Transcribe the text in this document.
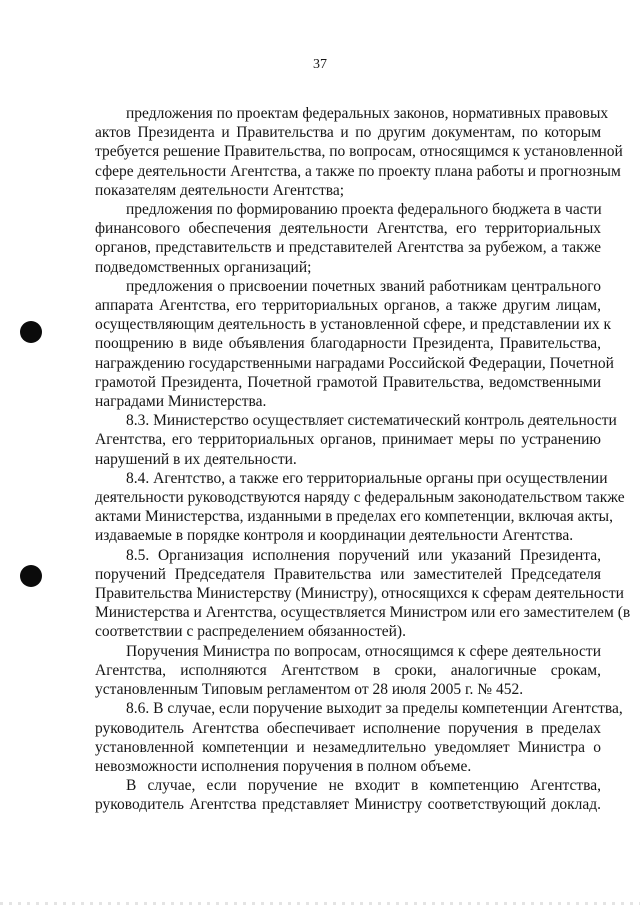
37

предложения по проектам федеральных законов, нормативных правовых
актов Президента и Правительства и по другим документам, по которым
требуется решение Правительства, по вопросам, относящимся к установленной
сфере деятельности Агентства, а также по проекту плана работы и прогнозным
показателям деятельности Агентства;

предложения по формированию проекта федерального бюджета в части
финансового обеспечения деятельности Агентства, его территориальных
органов, представительств и представителей Агентства за рубежом, а также
подведомственных организаций;

предложения о присвоении почетных званий работникам центрального
аппарата Агентства, его территориальных органов, а также другим лицам,
осуществляющим деятельность в установленной сфере, и представлении их к
поощрению в виде объявления благодарности Президента, Правительства,
награждению государственными наградами Российской Федерации, Почетной
грамотой Президента, Почетной грамотой Правительства, ведомственными
наградами Министерства.

8.3. Министерство осуществляет систематический контроль деятельности
Агентства, его территориальных органов, принимает меры по устранению
нарушений в их деятельности.

8.4. Агентство, а также его территориальные органы при осуществлении
деятельности руководствуются наряду с федеральным законодательством также
актами Министерства, изданными в пределах его компетенции, включая акты,
издаваемые в порядке контроля и координации деятельности Агентства.

8.5. Организация исполнения поручений или указаний Президента,
поручений Председателя Правительства или заместителей Председателя
Правительства Министерству (Министру), относящихся к сферам деятельности
Министерства и Агентства, осуществляется Министром или его заместителем (в
соответствии с распределением обязанностей).

Поручения Министра по вопросам, относящимся к сфере деятельности
Агентства, исполняются Агентством в сроки, аналогичные срокам,
установленным Типовым регламентом от 28 июля 2005 г. № 452.

8.6. В случае, если поручение выходит за пределы компетенции Агентства,
руководитель Агентства обеспечивает исполнение поручения в пределах
установленной компетенции и незамедлительно уведомляет Министра о
невозможности исполнения поручения в полном объеме.

В случае, если поручение не входит в компетенцию Агентства,
руководитель Агентства представляет Министру соответствующий доклад.
